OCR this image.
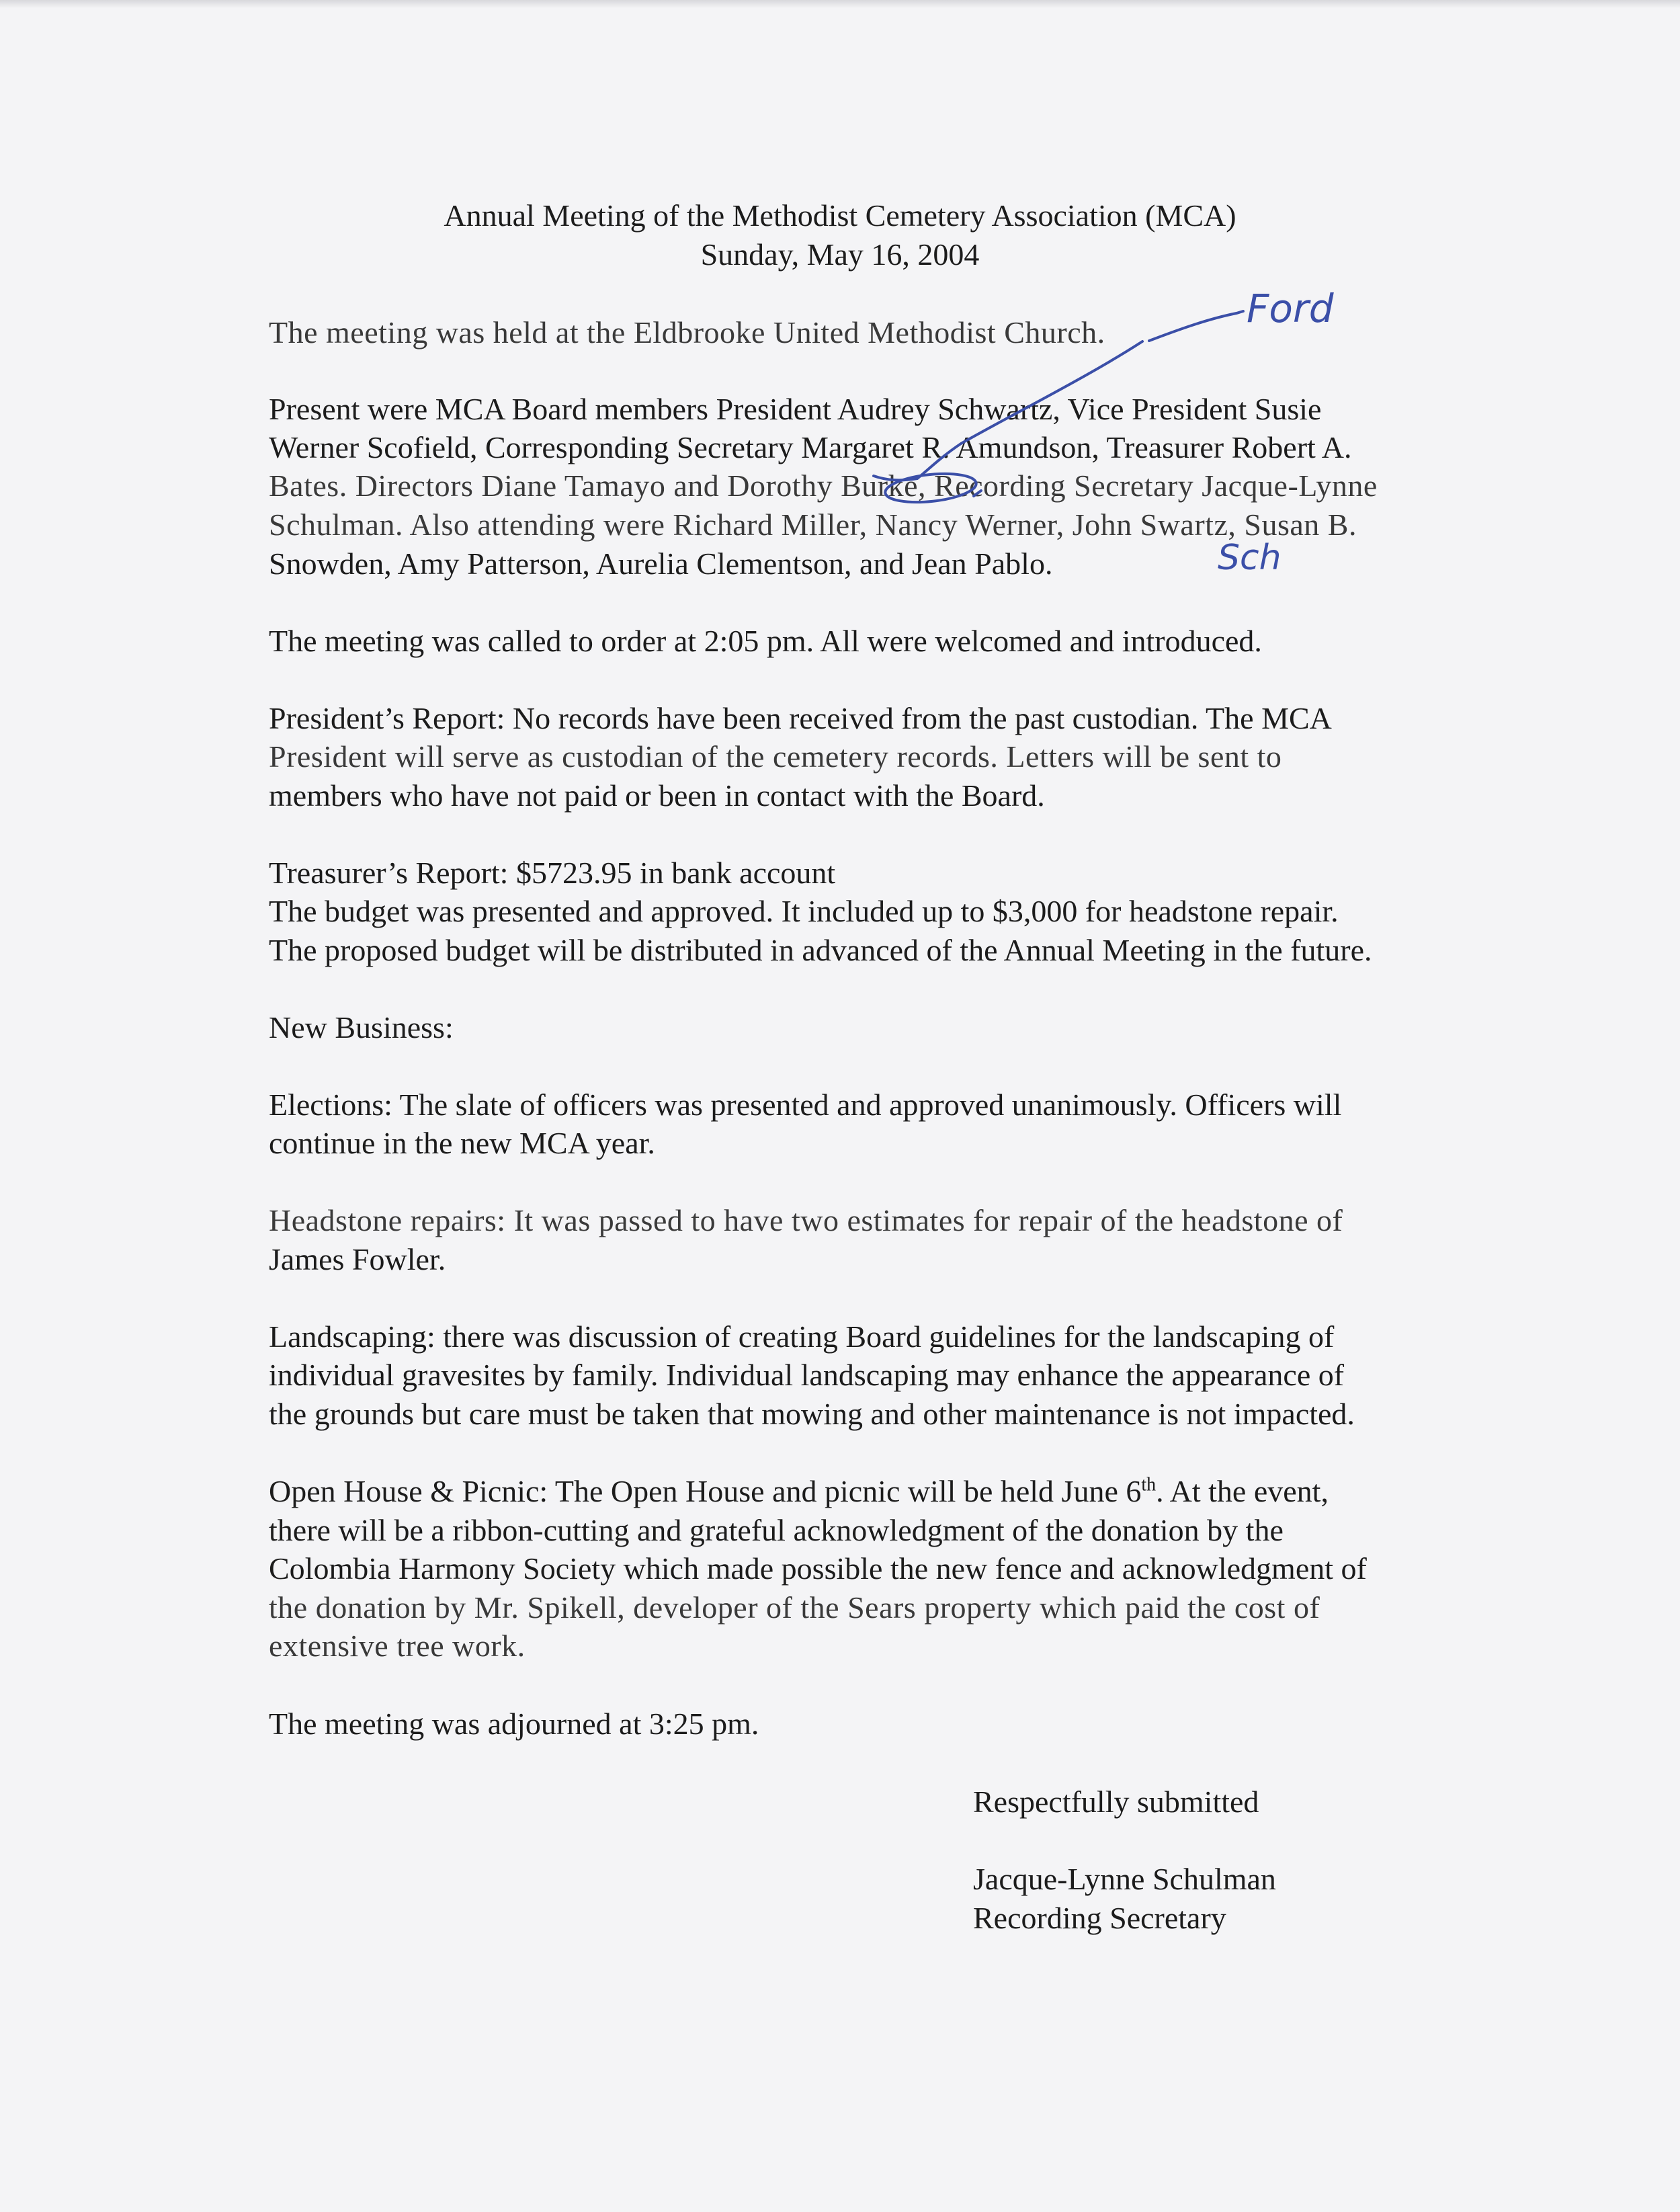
Annual Meeting of the Methodist Cemetery Association (MCA)
Sunday, May 16, 2004
The meeting was held at the Eldbrooke United Methodist Church.
Present were MCA Board members President Audrey Schwartz, Vice President Susie
Werner Scofield, Corresponding Secretary Margaret R. Amundson, Treasurer Robert A.
Bates. Directors Diane Tamayo and Dorothy Burke, Recording Secretary Jacque-Lynne
Schulman. Also attending were Richard Miller, Nancy Werner, John Swartz, Susan B.
Snowden, Amy Patterson, Aurelia Clementson, and Jean Pablo.
The meeting was called to order at 2:05 pm. All were welcomed and introduced.
President’s Report: No records have been received from the past custodian. The MCA
President will serve as custodian of the cemetery records. Letters will be sent to
members who have not paid or been in contact with the Board.
Treasurer’s Report: $5723.95 in bank account
The budget was presented and approved. It included up to $3,000 for headstone repair.
The proposed budget will be distributed in advanced of the Annual Meeting in the future.
New Business:
Elections: The slate of officers was presented and approved unanimously. Officers will
continue in the new MCA year.
Headstone repairs: It was passed to have two estimates for repair of the headstone of
James Fowler.
Landscaping: there was discussion of creating Board guidelines for the landscaping of
individual gravesites by family. Individual landscaping may enhance the appearance of
the grounds but care must be taken that mowing and other maintenance is not impacted.
Open House & Picnic: The Open House and picnic will be held June 6th. At the event,
there will be a ribbon-cutting and grateful acknowledgment of the donation by the
Colombia Harmony Society which made possible the new fence and acknowledgment of
the donation by Mr. Spikell, developer of the Sears property which paid the cost of
extensive tree work.
The meeting was adjourned at 3:25 pm.
Respectfully submitted
Jacque-Lynne Schulman
Recording Secretary
Ford
Sch
